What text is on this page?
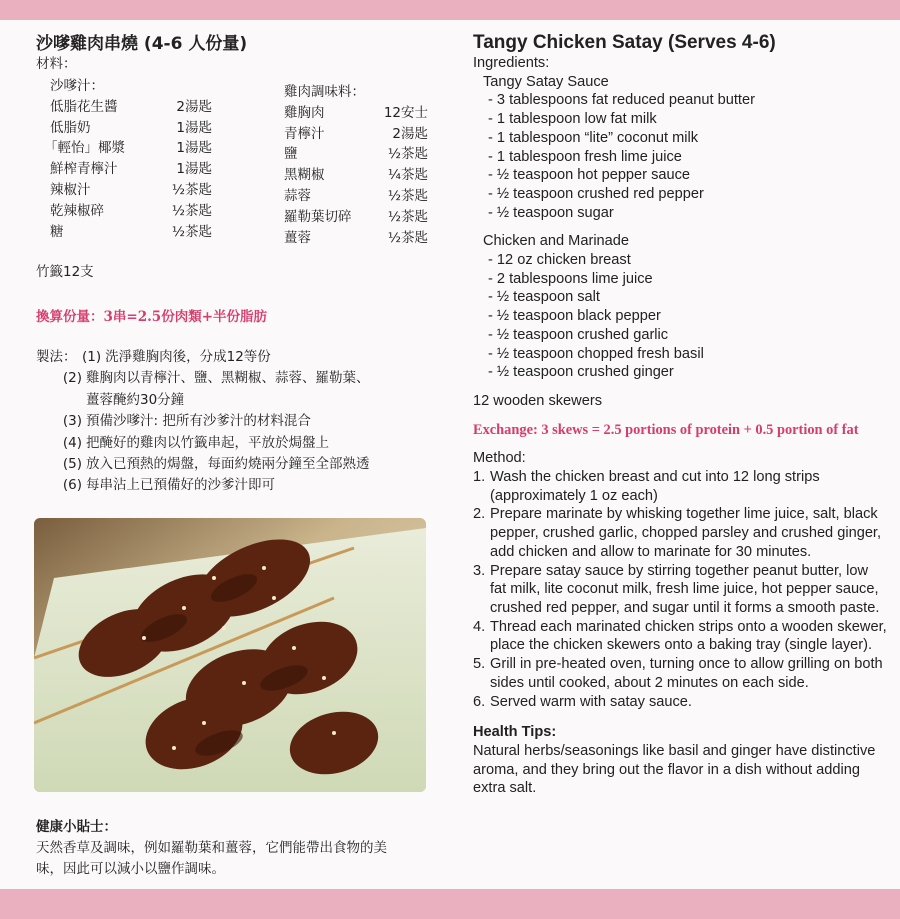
沙嗲雞肉串燒 (4-6 人份量)
材料：
沙嗲汁：
低脂花生醬	2湯匙
低脂奶	1湯匙
「輕怡」椰漿	1湯匙
鮮榨青檸汁	1湯匙
辣椒汁	½茶匙
乾辣椒碎	½茶匙
糖	½茶匙
雞肉調味料：
雞胸肉	12安士
青檸汁	2湯匙
鹽	½茶匙
黑糊椒	¼茶匙
蒜蓉	½茶匙
羅勒葉切碎	½茶匙
薑蓉	½茶匙
竹籤12支
換算份量：3串=2.5份肉類+半份脂肪
製法： (1) 洗淨雞胸肉後，分成12等份
(2) 雞胸肉以青檸汁、鹽、黑糊椒、蒜蓉、羅勒葉、
薑蓉醃約30分鐘
(3) 預備沙嗲汁: 把所有沙爹汁的材料混合
(4) 把醃好的雞肉以竹籤串起，平放於焗盤上
(5) 放入已預熱的焗盤，每面約燒兩分鐘至全部熟透
(6) 每串沾上已預備好的沙爹汁即可
健康小貼士：
天然香草及調味，例如羅勒葉和薑蓉，它們能帶出食物的美
味，因此可以減小以鹽作調味。
Tangy Chicken Satay (Serves 4-6)
Ingredients:
Tangy Satay Sauce
- 3 tablespoons fat reduced peanut butter
- 1 tablespoon low fat milk
- 1 tablespoon “lite” coconut milk
- 1 tablespoon fresh lime juice
- ½ teaspoon hot pepper sauce
- ½ teaspoon crushed red pepper
- ½ teaspoon sugar
Chicken and Marinade
- 12 oz chicken breast
- 2 tablespoons lime juice
- ½ teaspoon salt
- ½ teaspoon black pepper
- ½ teaspoon crushed garlic
- ½ teaspoon chopped fresh basil
- ½ teaspoon crushed ginger
12 wooden skewers
Exchange: 3 skews = 2.5 portions of protein + 0.5 portion of fat
Method:
1. Wash the chicken breast and cut into 12 long strips (approximately 1 oz each)
2. Prepare marinate by whisking together lime juice, salt, black pepper, crushed garlic, chopped parsley and crushed ginger, add chicken and allow to marinate for 30 minutes.
3. Prepare satay sauce by stirring together peanut butter, low fat milk, lite coconut milk, fresh lime juice, hot pepper sauce, crushed red pepper, and sugar until it forms a smooth paste.
4. Thread each marinated chicken strips onto a wooden skewer, place the chicken skewers onto a baking tray (single layer).
5. Grill in pre-heated oven, turning once to allow grilling on both sides until cooked, about 2 minutes on each side.
6. Served warm with satay sauce.
Health Tips:
Natural herbs/seasonings like basil and ginger have distinctive aroma, and they bring out the flavor in a dish without adding extra salt.
